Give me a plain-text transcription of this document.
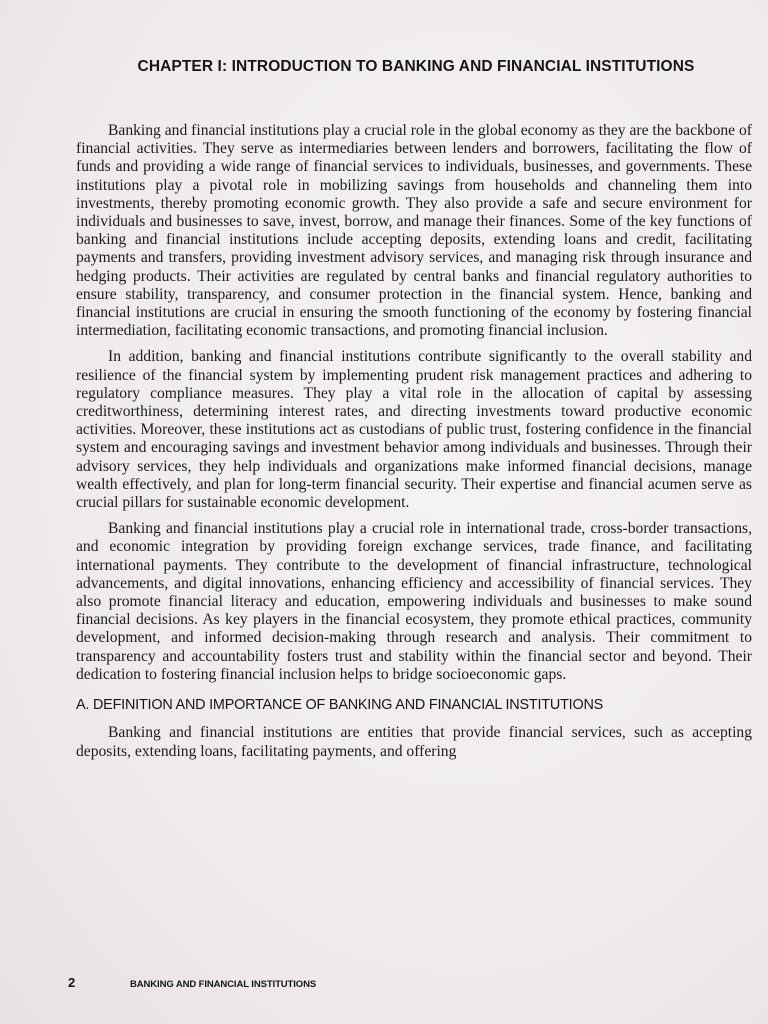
CHAPTER I: INTRODUCTION TO BANKING AND FINANCIAL INSTITUTIONS

Banking and financial institutions play a crucial role in the global economy as they are the backbone of financial activities. They serve as intermediaries between lenders and borrowers, facilitating the flow of funds and providing a wide range of financial services to individuals, businesses, and governments. These institutions play a pivotal role in mobilizing savings from households and channeling them into investments, thereby promoting economic growth. They also provide a safe and secure environment for individuals and businesses to save, invest, borrow, and manage their finances. Some of the key functions of banking and financial institutions include accepting deposits, extending loans and credit, facilitating payments and transfers, providing investment advisory services, and managing risk through insurance and hedging products. Their activities are regulated by central banks and financial regulatory authorities to ensure stability, transparency, and consumer protection in the financial system. Hence, banking and financial institutions are crucial in ensuring the smooth functioning of the economy by fostering financial intermediation, facilitating economic transactions, and promoting financial inclusion.

In addition, banking and financial institutions contribute significantly to the overall stability and resilience of the financial system by implementing prudent risk management practices and adhering to regulatory compliance measures. They play a vital role in the allocation of capital by assessing creditworthiness, determining interest rates, and directing investments toward productive economic activities. Moreover, these institutions act as custodians of public trust, fostering confidence in the financial system and encouraging savings and investment behavior among individuals and businesses. Through their advisory services, they help individuals and organizations make informed financial decisions, manage wealth effectively, and plan for long-term financial security. Their expertise and financial acumen serve as crucial pillars for sustainable economic development.

Banking and financial institutions play a crucial role in international trade, cross-border transactions, and economic integration by providing foreign exchange services, trade finance, and facilitating international payments. They contribute to the development of financial infrastructure, technological advancements, and digital innovations, enhancing efficiency and accessibility of financial services. They also promote financial literacy and education, empowering individuals and businesses to make sound financial decisions. As key players in the financial ecosystem, they promote ethical practices, community development, and informed decision-making through research and analysis. Their commitment to transparency and accountability fosters trust and stability within the financial sector and beyond. Their dedication to fostering financial inclusion helps to bridge socioeconomic gaps.

A. DEFINITION AND IMPORTANCE OF BANKING AND FINANCIAL INSTITUTIONS

Banking and financial institutions are entities that provide financial services, such as accepting deposits, extending loans, facilitating payments, and offering

2	BANKING AND FINANCIAL INSTITUTIONS
